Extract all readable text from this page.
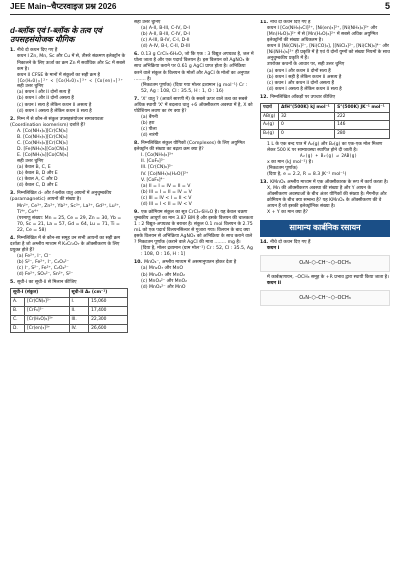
JEE Main~चैप्टरवाइज प्रश्न 2026	5
d-ब्लॉक एवं f-ब्लॉक के तत्व एवं उपसहसंयोजक यौगिक
1. नीचे दो कथन दिए गए हैं
कथन I Zn, Mn, Sc और Cu में से, तीसरे संक्रमण इलेक्ट्रॉन के निकालने के लिए ऊर्जा का क्रम Zn में सर्वाधिक और Sc में सबसे कम है।
कथन II CFSE के मानों में संकुलों का सही क्रम है
[Co(H₂O)₆]²⁺ < [Co(H₂O)₆]³⁺ < [Co(en)₃]³⁺
सही उत्तर चुनिए
(a) कथन I और II दोनों सत्य हैं
(b) कथन I और II दोनों असत्य हैं
(c) कथन I सत्य है लेकिन कथन II असत्य है
(d) कथन I असत्य है लेकिन कथन II सत्य है
2. निम्न में से कौन-से संकुल उपसहसंयोजन समावयवता (Coordination isomerism) दर्शाते हैं?
A. [Co(NH₃)₆][Cr(CN)₆]
B. [Co(NH₃)₅][Cr(CN)₆]
C. [Co(NH₃)₆][Cr(CN)₆]
D. [Fe(NH₃)₅][Co(CN)₆]
E. [Co(NH₃)₆][Co(CN)₆]
सही उत्तर चुनिए
(a) केवल B, C, E
(b) केवल B, D और E
(c) केवल A, C और D
(d) केवल C, D और E
3. निम्नलिखित d- और f-ब्लॉक धातु आयनों में अनुचुम्बकीय (paramagnetic) आयनों की संख्या है।
Mn²⁺, Ce³⁺, Zn²⁺, Yb²⁺, Sc³⁺, La³⁺, Gd³⁺, Lu³⁺, Ti⁴⁺, Ce⁴⁺
(परमाणु संख्या: Mn = 25, Ce = 29, Zn = 30, Yb = 70, Sc = 21, La = 57, Gd = 64, Lu = 71, Ti = 22, Ce = 58)
4. निम्नलिखित में से कौन-सा समूह उन सभी आयनों का सही क्रम दर्शाता है जो अम्लीय माध्यम में K₂Cr₂O₇ के ऑक्सीकरण के लिए प्रयुक्त होते हैं?
(a) Fe²⁺, I⁻, Cl⁻
(b) S²⁻, Fe²⁺, I⁻, C₂O₄²⁻
(c) I⁻, S²⁻, Fe²⁺, C₂O₄²⁻
(d) Fe²⁺, SO₃²⁻, Sn²⁺, S²⁻
5. सूची-I का सूची-II से मिलान कीजिए
सूची-I (संकुल)		सूची-II Δ₀ (cm⁻¹)	
A.	[Cr(CN)₆]³⁻	I.	15,060
B.	[CrF₆]³⁻	II.	17,400
C.	[Cr(H₂O)₆]³⁺	III.	22,300
D.	[Cr(en)₃]³⁺	IV.	26,600
सही उत्तर चुनिए
(a) A-II, B-III, C-IV, D-I
(b) A-II, B-III, C-IV, D-I
(c) A-III, B-IV, C-I, D-II
(d) A-IV, B-I, C-II, D-III
6. 0.13 g CrCl₃·6H₂O, जो कि एक : 3 विद्युत अपघट्य है, जल में घोला जाता है और एक पदार्थ विलयन है। इस विलयन को AgNO₃ के साथ अभिक्रिया कराने पर 0.61 g AgCl प्राप्त होता है। अभिक्रिया करने वाले संकुल के विलयन के मोलों और AgCl के मोलों का अनुपात ........ है।
(निकटतम पूर्णांक) (दिया गया मोलर द्रव्यमान (g mol⁻¹) Cr : 52, Ag : 108, Cl : 35.5, H : 1, O : 16)
7. 'X' धातु ? (आवर्त सारणी में) के सबसे ऊपर वाले तत्व का सबसे अधिक स्थायी 'X' में बदलाव धातु +6 ऑक्सीकरण अवस्था में है, X को पोटैशियम लवण का रंग क्या है?
(a) बैंगनी
(b) हरा
(c) पीला
(d) नारंगी
8. निम्नलिखित संकुल यौगिकों (Complexes) के लिए अयुग्मित इलेक्ट्रॉन की संख्या का बढ़ता क्रम क्या है?
I. [Co(NH₃)₆]³⁺
II. [CoF₆]³⁻
III. [Cr(CN)₆]³⁻
IV. [Co(NH₃)₆(H₂O)]²⁺
V. [CoF₆]⁴⁻
(a) II = I = IV = II = V
(b) III = I = II = IV = V
(c) III = IV < I = II < V
(d) III = I < II = IV < V
9. एक क्रोमियम संकुल का सूत्र CrCl₃·6H₂O है। यह केवल चक्रण चुम्बकीय आघूर्ण का मान 3.87 BM है और इसके विलयन की चालकता 1 : 2 विद्युत-अपघट्य के बराबर है। संकुल 0.1 mol विलयन के 2.75 mL को एक पदार्थ विलयनसिल्वर से गुजारा गया। विलयन के बाद क्या इसके विलयन से अभिक्रिया AgNO₃ को अभिक्रिया के साथ कराने वाले ? निकटतम पूर्णांक (कराने वाले AgCl की मात्रा ........ mg है।
[दिया है, मोलर द्रव्यमान (ग्राम मोल⁻¹) Cr : 52, Cl : 35.5, Ag : 108, O : 16, H : 1]
10. MnO₄⁻, अम्लीय माध्यम में असमानुपातन होकर देता है
(a) Mn₂O₇ और MnO
(b) Mn₂O₇ और MnO₂
(c) MnO₄²⁻ और MnO₂
(d) MnO₄²⁻ और MnO
11. नीचे दो कथन दिए गए हैं
कथन I [Co(NH₃)₅Cl]²⁺, [Ni(en)₃]²⁺, [Ni(NH₃)₆]²⁺ और [Mn(H₂O)₆]²⁺ में से [Mn(H₂O)₆]²⁺ में सबसे अधिक अयुग्मित इलेक्ट्रॉनों की संख्या अधिकतम है।
कथन II [Ni(CN)₄]²⁻, [Ni(CO)₄], [[NiCl₄]²⁻, [Ni(CN)₆]⁴⁻ और [Ni(NH₃)₆]²⁺ ही प्रकृति में है एवं ये दोनों युग्मों को संख्या नियमों के साथ अनुचुम्बकीय प्रकृति में हैं।
उपरोक्त कथनों के आधार पर, सही उत्तर चुनिए
(a) कथन I और कथन II दोनों सत्य हैं
(b) कथन I सही है लेकिन कथन II असत्य है
(c) कथन I और कथन II दोनों असत्य हैं
(d) कथन I असत्य है लेकिन कथन II सत्य है
12. निम्नलिखित आँकड़ों पर उपचार कीजिए
पदार्थ	ΔfH°(500K) kJ mol⁻¹	S°(500K) JK⁻¹ mol⁻¹
AB(g)	32	222
A₂(g)	0	146
B₂(g)	0	280
1 L के एक बन्द पात्र में A₂(g) और B₂(g) का एक-एक मोल मिश्रण लेकर 500 K पर साम्यावस्था स्थापित होने दी जाती है।
A₂(g) + B₂(g) ⇌ 2AB(g)
x का मान (kJ mol⁻¹) है।
(निकटतम पूर्णांक)
(दिया है, e = 2.2, R = 8.3 JK⁻¹ mol⁻¹)
13. KMnO₄ अम्लीय माध्यम में एक ऑक्सीकारक के रूप में कार्य करता है।
X, Mn की ऑक्सीकरण अवस्था की संख्या है और Y आयन के ऑक्सीकरण अवस्थाओं के बीच अंतर यौगिकों की संख्या है। मैंगनीज़ और क्रोमियम के बीच क्या सम्बन्ध है? यह KMnO₄ के ऑक्सीकरण की वे आयन हैं जो इसकी इलेक्ट्रॉनिक संख्या है।
X + Y का मान क्या है?
सामान्य कार्बनिक रसायन
14. नीचे दो कथन दिए गए हैं
कथन I
O₂N–⬡–CH⁻–⬡–OCH₃
में कार्बऋणायन, –OCH₃ समूह के +R प्रभाव द्वारा स्थायी किया जाता है।
कथन II
O₂N–⬡–CH⁻–⬡–OCH₃
